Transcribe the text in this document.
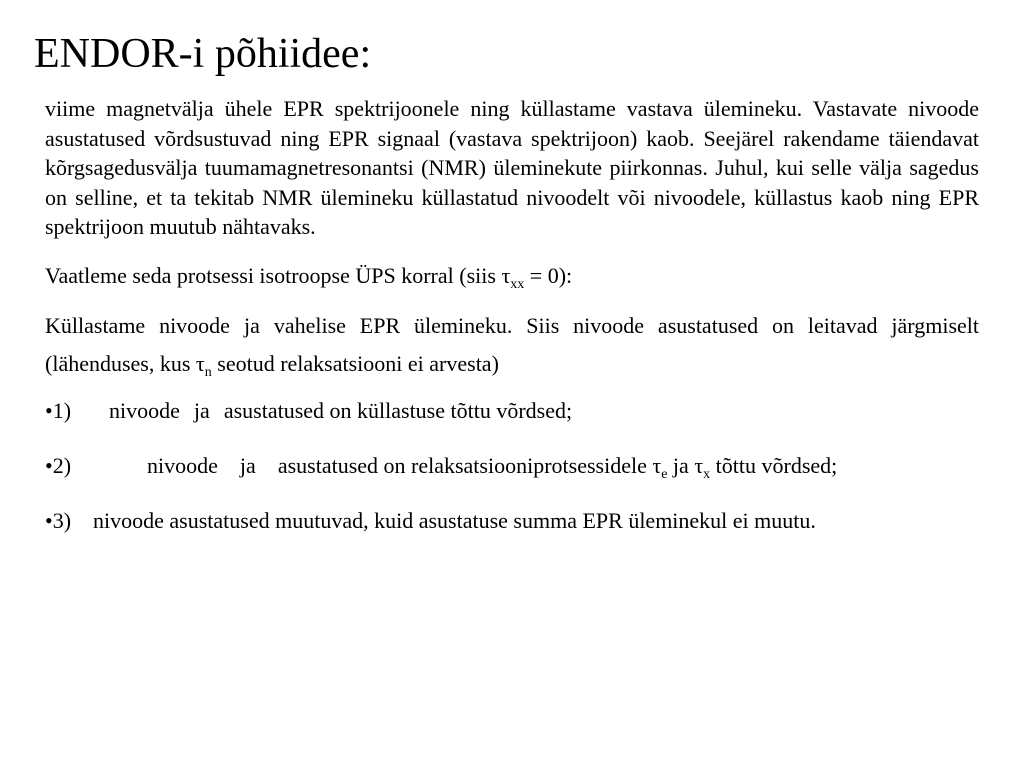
ENDOR-i põhiidee:

viime magnetvälja ühele EPR spektrijoonele ning küllastame vastava ülemineku. Vastavate nivoode asustatused võrdsustuvad ning EPR signaal (vastava spektrijoon) kaob. Seejärel rakendame täiendavat kõrgsagedusvälja tuumamagnetresonantsi (NMR) üleminekute piirkonnas. Juhul, kui selle välja sagedus on selline, et ta tekitab NMR ülemineku küllastatud nivoodelt või nivoodele, küllastus kaob ning EPR spektrijoon muutub nähtavaks.

Vaatleme seda protsessi isotroopse ÜPS korral (siis $\tau_{xx} = 0$):

Küllastame nivoode ja vahelise EPR ülemineku. Siis nivoode asustatused on leitavad järgmiselt (lähenduses, kus $\tau_n$ seotud relaksatsiooni ei arvesta)

•1) nivoode ja asustatused on küllastuse tõttu võrdsed;

•2)	nivoode ja asustatused on relaksatsiooniprotsessidele $\tau_e$ ja $\tau_x$ tõttu võrdsed;

•3) nivoode asustatused muutuvad, kuid asustatuse summa EPR üleminekul ei muutu.
